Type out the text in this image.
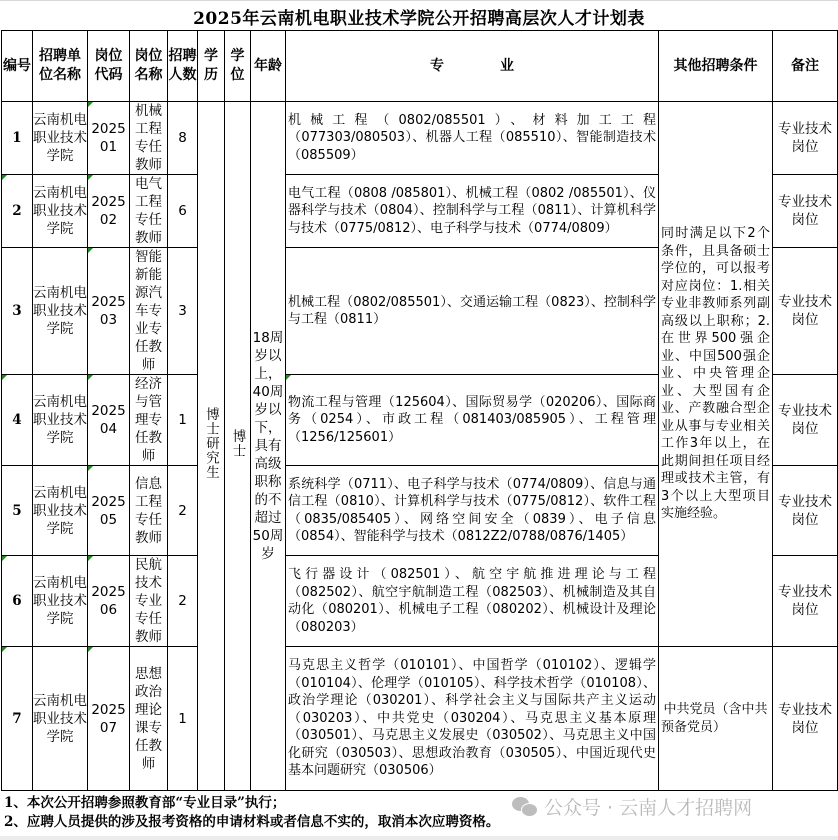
2025年云南机电职业技术学院公开招聘高层次人才计划表
编号	招聘单位名称	岗位代码	岗位名称	招聘人数	学历	学位	年龄	专　　　　业	其他招聘条件	备注
1	云南机电职业技术学院	202501	机械工程专任教师	8	博士研究生	博士	18周岁以上，40周岁以下，具有高级职称的不超过50周岁	机械工程（0802/085501）、材料加工工程（077303/080503）、机器人工程（085510）、智能制造技术（085509）	同时满足以下2个条件，且具备硕士学位的，可以报考对应岗位：1.相关专业非教师系列副高级以上职称；2.在世界500强企业、中国500强企业、中央管理企业、大型国有企业、产教融合型企业从事与专业相关工作3年以上，在此期间担任项目经理或技术主管，有3个以上大型项目实施经验。	专业技术岗位
2	云南机电职业技术学院	202502	电气工程专任教师	6				电气工程（0808 /085801）、机械工程（0802 /085501）、仪器科学与技术（0804）、控制科学与工程（0811）、计算机科学与技术（0775/0812）、电子科学与技术（0774/0809）		专业技术岗位
3	云南机电职业技术学院	202503	智能新能源汽车专业专任教师	3				机械工程（0802/085501）、交通运输工程（0823）、控制科学与工程（0811）		专业技术岗位
4	云南机电职业技术学院	202504	经济与管理专任教师	1				物流工程与管理（125604）、国际贸易学（020206）、国际商务（0254）、市政工程（081403/085905）、工程管理（1256/125601）		专业技术岗位
5	云南机电职业技术学院	202505	信息工程专任教师	2				系统科学（0711）、电子科学与技术（0774/0809）、信息与通信工程（0810）、计算机科学与技术（0775/0812）、软件工程（0835/085405）、网络空间安全（0839）、电子信息（0854）、智能科学与技术（0812Z2/0788/0876/1405）		专业技术岗位
6	云南机电职业技术学院	202506	民航技术专业专任教师	2				飞行器设计（082501）、航空宇航推进理论与工程（082502）、航空宇航制造工程（082503）、机械制造及其自动化（080201）、机械电子工程（080202）、机械设计及理论（080203）		专业技术岗位
7	云南机电职业技术学院	202507	思想政治理论课专任教师	1				马克思主义哲学（010101）、中国哲学（010102）、逻辑学（010104）、伦理学（010105）、科学技术哲学（010108）、政治学理论（030201）、科学社会主义与国际共产主义运动（030203）、中共党史（030204）、马克思主义基本原理（030501）、马克思主义发展史（030502）、马克思主义中国化研究（030503）、思想政治教育（030505）、中国近现代史基本问题研究（030506）	中共党员（含中共预备党员）	专业技术岗位
1、本次公开招聘参照教育部“专业目录”执行；
2、应聘人员提供的涉及报考资格的申请材料或者信息不实的，取消本次应聘资格。
公众号 · 云南人才招聘网
